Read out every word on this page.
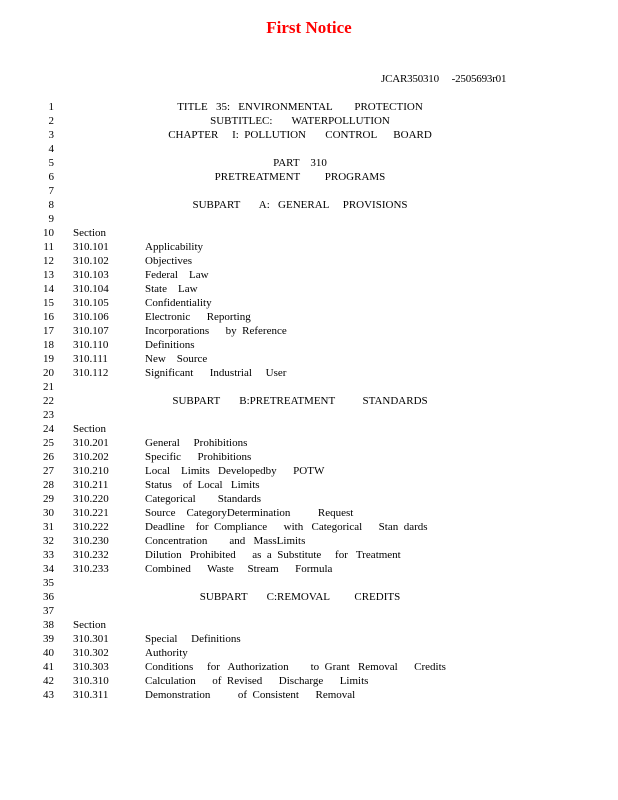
First Notice
JCAR350310     -2505693r01
1	TITLE   35:   ENVIRONMENTAL        PROTECTION
2	SUBTITLEC:       WATERPOLLUTION
3	CHAPTER     I:  POLLUTION       CONTROL      BOARD
4
5	PART    310
6	PRETREATMENT         PROGRAMS
7
8	SUBPART       A:   GENERAL     PROVISIONS
9
10 Section
11 310.101	Applicability
12 310.102	Objectives
13 310.103	Federal    Law
14 310.104	State    Law
15 310.105	Confidentiality
16 310.106	Electronic      Reporting
17 310.107	Incorporations      by  Reference
18 310.110	Definitions
19 310.111	New    Source
20 310.112	Significant      Industrial     User
21
22	SUBPART       B:PRETREATMENT          STANDARDS
23
24 Section
25 310.201	General     Prohibitions
26 310.202	Specific      Prohibitions
27 310.210	Local    Limits   Developedby      POTW
28 310.211	Status    of  Local   Limits
29 310.220	Categorical        Standards
30 310.221	Source    CategoryDetermination          Request
31 310.222	Deadline    for  Compliance      with   Categorical      Stan  dards
32 310.230	Concentration        and   MassLimits
33 310.232	Dilution   Prohibited      as  a  Substitute     for   Treatment
34 310.233	Combined      Waste     Stream      Formula
35
36	SUBPART       C:REMOVAL         CREDITS
37
38 Section
39 310.301	Special     Definitions
40 310.302	Authority
41 310.303	Conditions     for   Authorization        to  Grant   Removal      Credits
42 310.310	Calculation      of  Revised      Discharge      Limits
43 310.311	Demonstration          of  Consistent      Removal
